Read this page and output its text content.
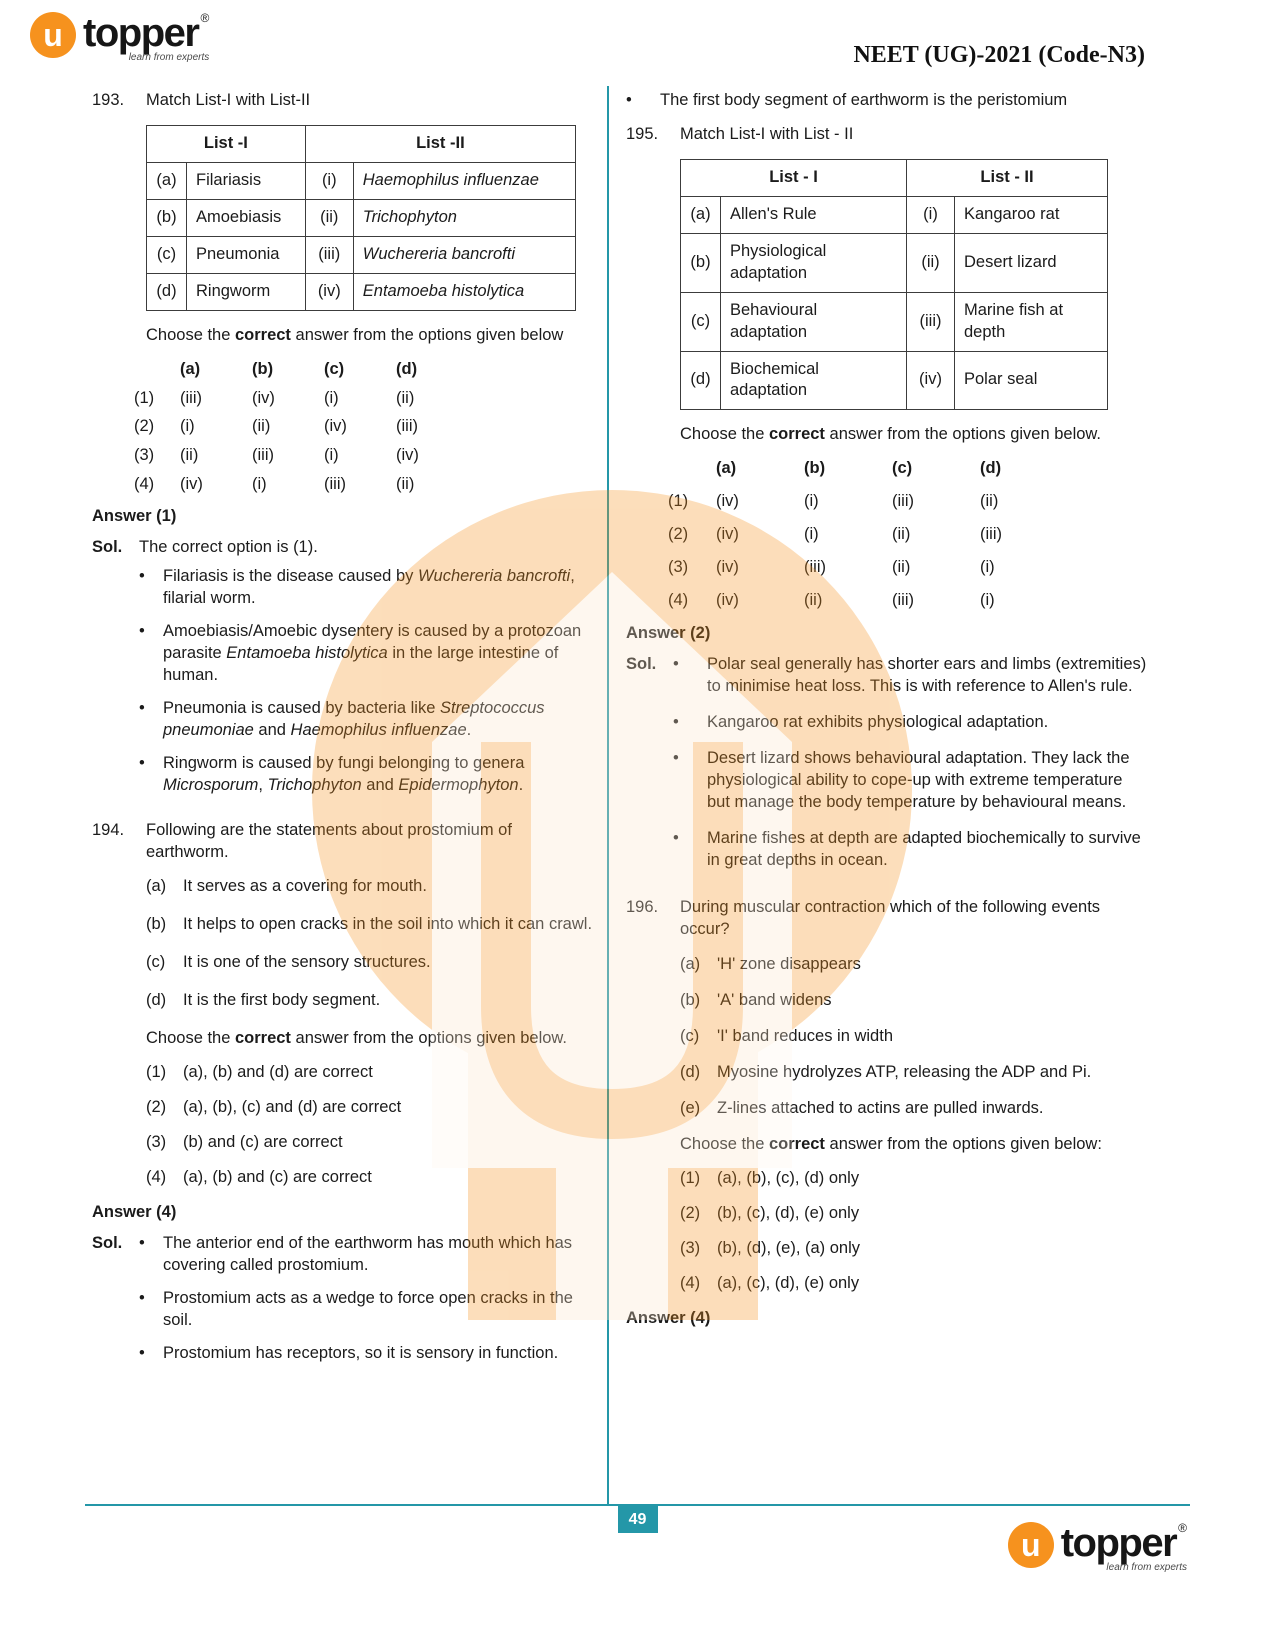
u topper®
learn from experts	NEET (UG)-2021 (Code-N3)
193.	Match List-I with List-II
List -I		List -II	
(a)	Filariasis	(i)	Haemophilus influenzae
(b)	Amoebiasis	(ii)	Trichophyton
(c)	Pneumonia	(iii)	Wuchereria bancrofti
(d)	Ringworm	(iv)	Entamoeba histolytica
Choose the correct answer from the options given below
(a)	(b)	(c)	(d)
(1)	(iii)	(iv)	(i)	(ii)
(2)	(i)	(ii)	(iv)	(iii)
(3)	(ii)	(iii)	(i)	(iv)
(4)	(iv)	(i)	(iii)	(ii)
Answer (1)
Sol.	The correct option is (1).
•	Filariasis is the disease caused by Wuchereria bancrofti, filarial worm.
•	Amoebiasis/Amoebic dysentery is caused by a protozoan parasite Entamoeba histolytica in the large intestine of human.
•	Pneumonia is caused by bacteria like Streptococcus pneumoniae and Haemophilus influenzae.
•	Ringworm is caused by fungi belonging to genera Microsporum, Trichophyton and Epidermophyton.
194.	Following are the statements about prostomium of earthworm.
(a)	It serves as a covering for mouth.
(b)	It helps to open cracks in the soil into which it can crawl.
(c)	It is one of the sensory structures.
(d)	It is the first body segment.
Choose the correct answer from the options given below.
(1)	(a), (b) and (d) are correct
(2)	(a), (b), (c) and (d) are correct
(3)	(b) and (c) are correct
(4)	(a), (b) and (c) are correct
Answer (4)
Sol.	•	The anterior end of the earthworm has mouth which has covering called prostomium.
•	Prostomium acts as a wedge to force open cracks in the soil.
•	Prostomium has receptors, so it is sensory in function.
•	The first body segment of earthworm is the peristomium
195.	Match List-I with List - II
List - I		List - II	
(a)	Allen's Rule	(i)	Kangaroo rat
(b)	Physiological adaptation	(ii)	Desert lizard
(c)	Behavioural adaptation	(iii)	Marine fish at depth
(d)	Biochemical adaptation	(iv)	Polar seal
Choose the correct answer from the options given below.
(a)	(b)	(c)	(d)
(1)	(iv)	(i)	(iii)	(ii)
(2)	(iv)	(i)	(ii)	(iii)
(3)	(iv)	(iii)	(ii)	(i)
(4)	(iv)	(ii)	(iii)	(i)
Answer (2)
Sol.	•	Polar seal generally has shorter ears and limbs (extremities) to minimise heat loss. This is with reference to Allen's rule.
•	Kangaroo rat exhibits physiological adaptation.
•	Desert lizard shows behavioural adaptation. They lack the physiological ability to cope-up with extreme temperature but manage the body temperature by behavioural means.
•	Marine fishes at depth are adapted biochemically to survive in great depths in ocean.
196.	During muscular contraction which of the following events occur?
(a)	'H' zone disappears
(b)	'A' band widens
(c)	'I' band reduces in width
(d)	Myosine hydrolyzes ATP, releasing the ADP and Pi.
(e)	Z-lines attached to actins are pulled inwards.
Choose the correct answer from the options given below:
(1)	(a), (b), (c), (d) only
(2)	(b), (c), (d), (e) only
(3)	(b), (d), (e), (a) only
(4)	(a), (c), (d), (e) only
Answer (4)
49
u topper®
learn from experts
